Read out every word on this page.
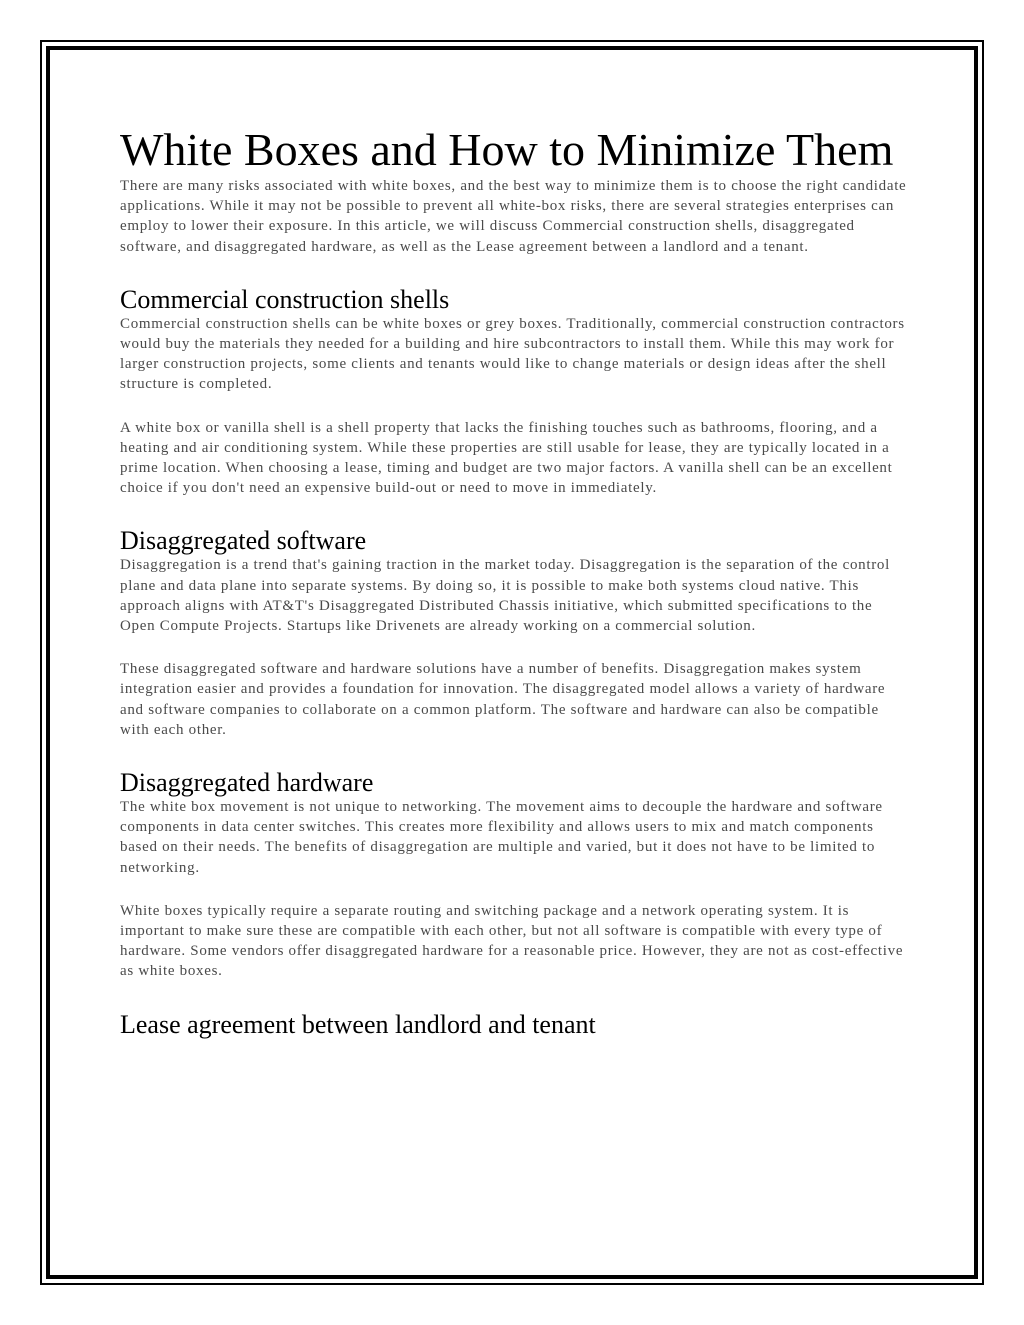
White Boxes and How to Minimize Them

There are many risks associated with white boxes, and the best way to minimize them is to choose the right candidate applications. While it may not be possible to prevent all white-box risks, there are several strategies enterprises can employ to lower their exposure. In this article, we will discuss Commercial construction shells, disaggregated software, and disaggregated hardware, as well as the Lease agreement between a landlord and a tenant.

Commercial construction shells

Commercial construction shells can be white boxes or grey boxes. Traditionally, commercial construction contractors would buy the materials they needed for a building and hire subcontractors to install them. While this may work for larger construction projects, some clients and tenants would like to change materials or design ideas after the shell structure is completed.

A white box or vanilla shell is a shell property that lacks the finishing touches such as bathrooms, flooring, and a heating and air conditioning system. While these properties are still usable for lease, they are typically located in a prime location. When choosing a lease, timing and budget are two major factors. A vanilla shell can be an excellent choice if you don't need an expensive build-out or need to move in immediately.

Disaggregated software

Disaggregation is a trend that's gaining traction in the market today. Disaggregation is the separation of the control plane and data plane into separate systems. By doing so, it is possible to make both systems cloud native. This approach aligns with AT&T's Disaggregated Distributed Chassis initiative, which submitted specifications to the Open Compute Projects. Startups like Drivenets are already working on a commercial solution.

These disaggregated software and hardware solutions have a number of benefits. Disaggregation makes system integration easier and provides a foundation for innovation. The disaggregated model allows a variety of hardware and software companies to collaborate on a common platform. The software and hardware can also be compatible with each other.

Disaggregated hardware

The white box movement is not unique to networking. The movement aims to decouple the hardware and software components in data center switches. This creates more flexibility and allows users to mix and match components based on their needs. The benefits of disaggregation are multiple and varied, but it does not have to be limited to networking.

White boxes typically require a separate routing and switching package and a network operating system. It is important to make sure these are compatible with each other, but not all software is compatible with every type of hardware. Some vendors offer disaggregated hardware for a reasonable price. However, they are not as cost-effective as white boxes.

Lease agreement between landlord and tenant
